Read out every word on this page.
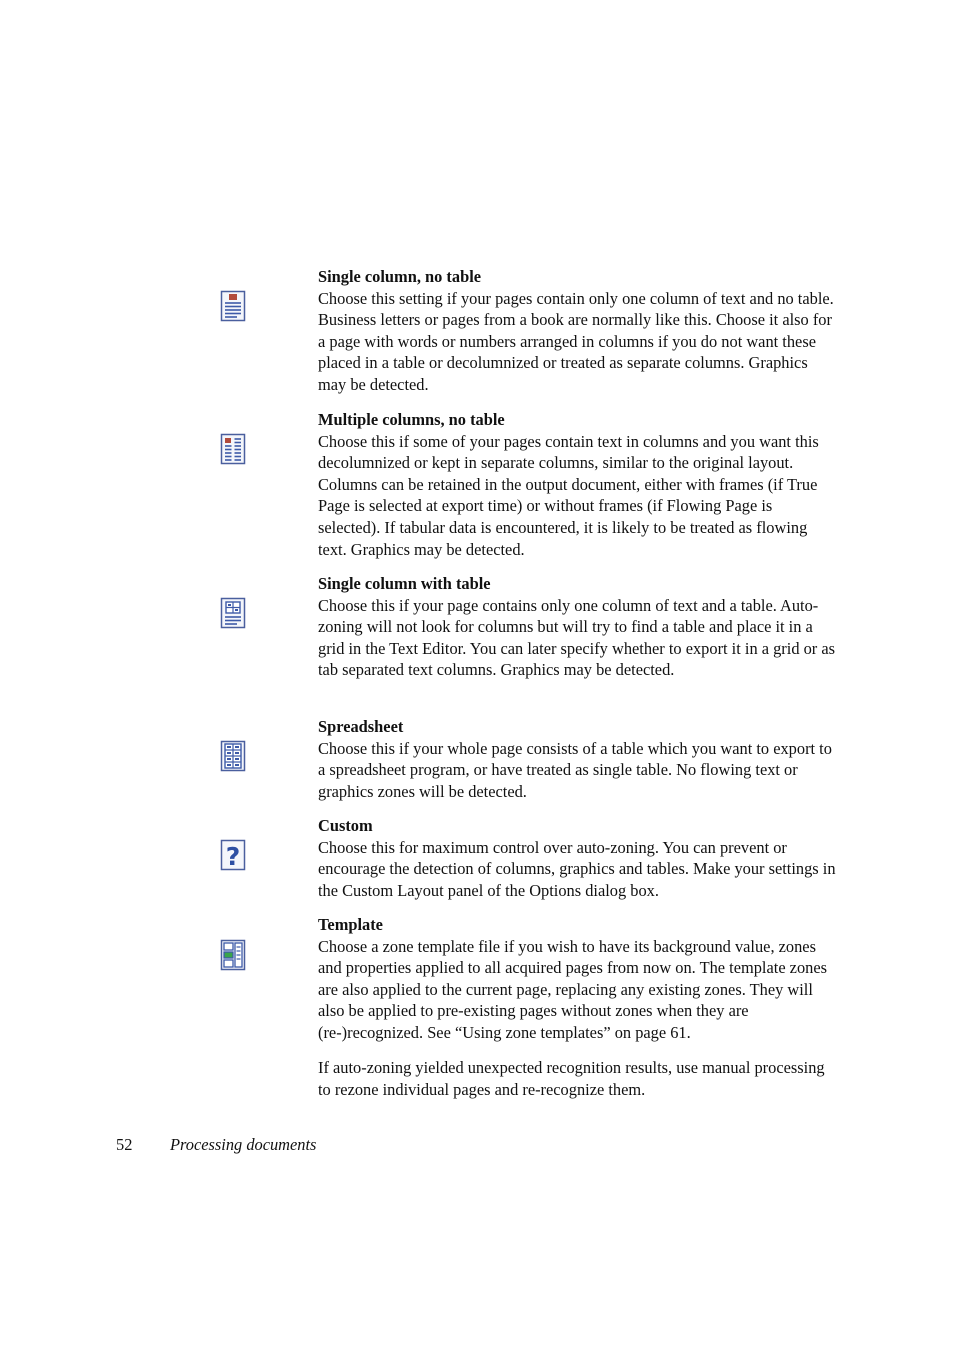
Single column, no table
Choose this setting if your pages contain only one column of text and no table. Business letters or pages from a book are normally like this. Choose it also for a page with words or numbers arranged in columns if you do not want these placed in a table or decolumnized or treated as separate columns. Graphics may be detected.
Multiple columns, no table
Choose this if some of your pages contain text in columns and you want this decolumnized or kept in separate columns, similar to the original layout. Columns can be retained in the output document, either with frames (if True Page is selected at export time) or without frames (if Flowing Page is selected). If tabular data is encountered, it is likely to be treated as flowing text. Graphics may be detected.
Single column with table
Choose this if your page contains only one column of text and a table. Auto-zoning will not look for columns but will try to find a table and place it in a grid in the Text Editor. You can later specify whether to export it in a grid or as tab separated text columns. Graphics may be detected.
Spreadsheet
Choose this if your whole page consists of a table which you want to export to a spreadsheet program, or have treated as single table. No flowing text or graphics zones will be detected.
?
Custom
Choose this for maximum control over auto-zoning. You can prevent or encourage the detection of columns, graphics and tables. Make your settings in the Custom Layout panel of the Options dialog box.
Template
Choose a zone template file if you wish to have its background value, zones and properties applied to all acquired pages from now on. The template zones are also applied to the current page, replacing any existing zones. They will also be applied to pre-existing pages without zones when they are (re-)recognized. See “Using zone templates” on page 61.
If auto-zoning yielded unexpected recognition results, use manual processing to rezone individual pages and re-recognize them.
52 Processing documents
